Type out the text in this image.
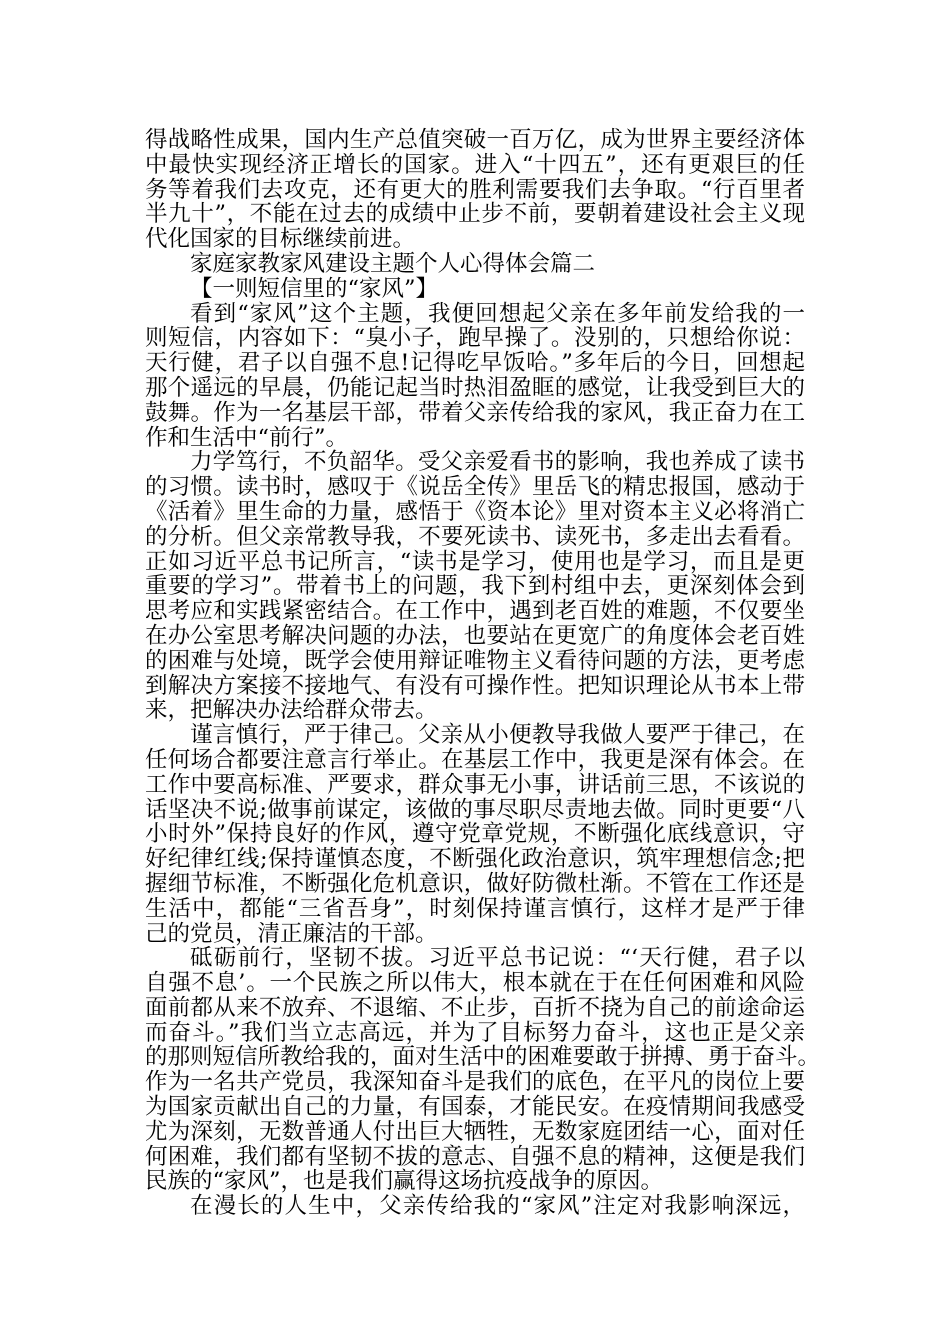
得战略性成果，国内生产总值突破一百万亿，成为世界主要经济体
中最快实现经济正增长的国家。进入“十四五”，还有更艰巨的任
务等着我们去攻克，还有更大的胜利需要我们去争取。“行百里者
半九十”，不能在过去的成绩中止步不前，要朝着建设社会主义现
代化国家的目标继续前进。
家庭家教家风建设主题个人心得体会篇二
【一则短信里的“家风”】
看到“家风”这个主题，我便回想起父亲在多年前发给我的一
则短信，内容如下：“臭小子，跑早操了。没别的，只想给你说：
天行健，君子以自强不息!记得吃早饭哈。”多年后的今日，回想起
那个遥远的早晨，仍能记起当时热泪盈眶的感觉，让我受到巨大的
鼓舞。作为一名基层干部，带着父亲传给我的家风，我正奋力在工
作和生活中“前行”。
力学笃行，不负韶华。受父亲爱看书的影响，我也养成了读书
的习惯。读书时，感叹于《说岳全传》里岳飞的精忠报国，感动于
《活着》里生命的力量，感悟于《资本论》里对资本主义必将消亡
的分析。但父亲常教导我，不要死读书、读死书，多走出去看看。
正如习近平总书记所言，“读书是学习，使用也是学习，而且是更
重要的学习”。带着书上的问题，我下到村组中去，更深刻体会到
思考应和实践紧密结合。在工作中，遇到老百姓的难题，不仅要坐
在办公室思考解决问题的办法，也要站在更宽广的角度体会老百姓
的困难与处境，既学会使用辩证唯物主义看待问题的方法，更考虑
到解决方案接不接地气、有没有可操作性。把知识理论从书本上带
来，把解决办法给群众带去。
谨言慎行，严于律己。父亲从小便教导我做人要严于律己，在
任何场合都要注意言行举止。在基层工作中，我更是深有体会。在
工作中要高标准、严要求，群众事无小事，讲话前三思，不该说的
话坚决不说;做事前谋定，该做的事尽职尽责地去做。同时更要“八
小时外”保持良好的作风，遵守党章党规，不断强化底线意识，守
好纪律红线;保持谨慎态度，不断强化政治意识，筑牢理想信念;把
握细节标准，不断强化危机意识，做好防微杜渐。不管在工作还是
生活中，都能“三省吾身”，时刻保持谨言慎行，这样才是严于律
己的党员，清正廉洁的干部。
砥砺前行，坚韧不拔。习近平总书记说：“‘天行健，君子以
自强不息’。一个民族之所以伟大，根本就在于在任何困难和风险
面前都从来不放弃、不退缩、不止步，百折不挠为自己的前途命运
而奋斗。”我们当立志高远，并为了目标努力奋斗，这也正是父亲
的那则短信所教给我的，面对生活中的困难要敢于拼搏、勇于奋斗。
作为一名共产党员，我深知奋斗是我们的底色，在平凡的岗位上要
为国家贡献出自己的力量，有国泰，才能民安。在疫情期间我感受
尤为深刻，无数普通人付出巨大牺牲，无数家庭团结一心，面对任
何困难，我们都有坚韧不拔的意志、自强不息的精神，这便是我们
民族的“家风”，也是我们赢得这场抗疫战争的原因。
在漫长的人生中，父亲传给我的“家风”注定对我影响深远，
